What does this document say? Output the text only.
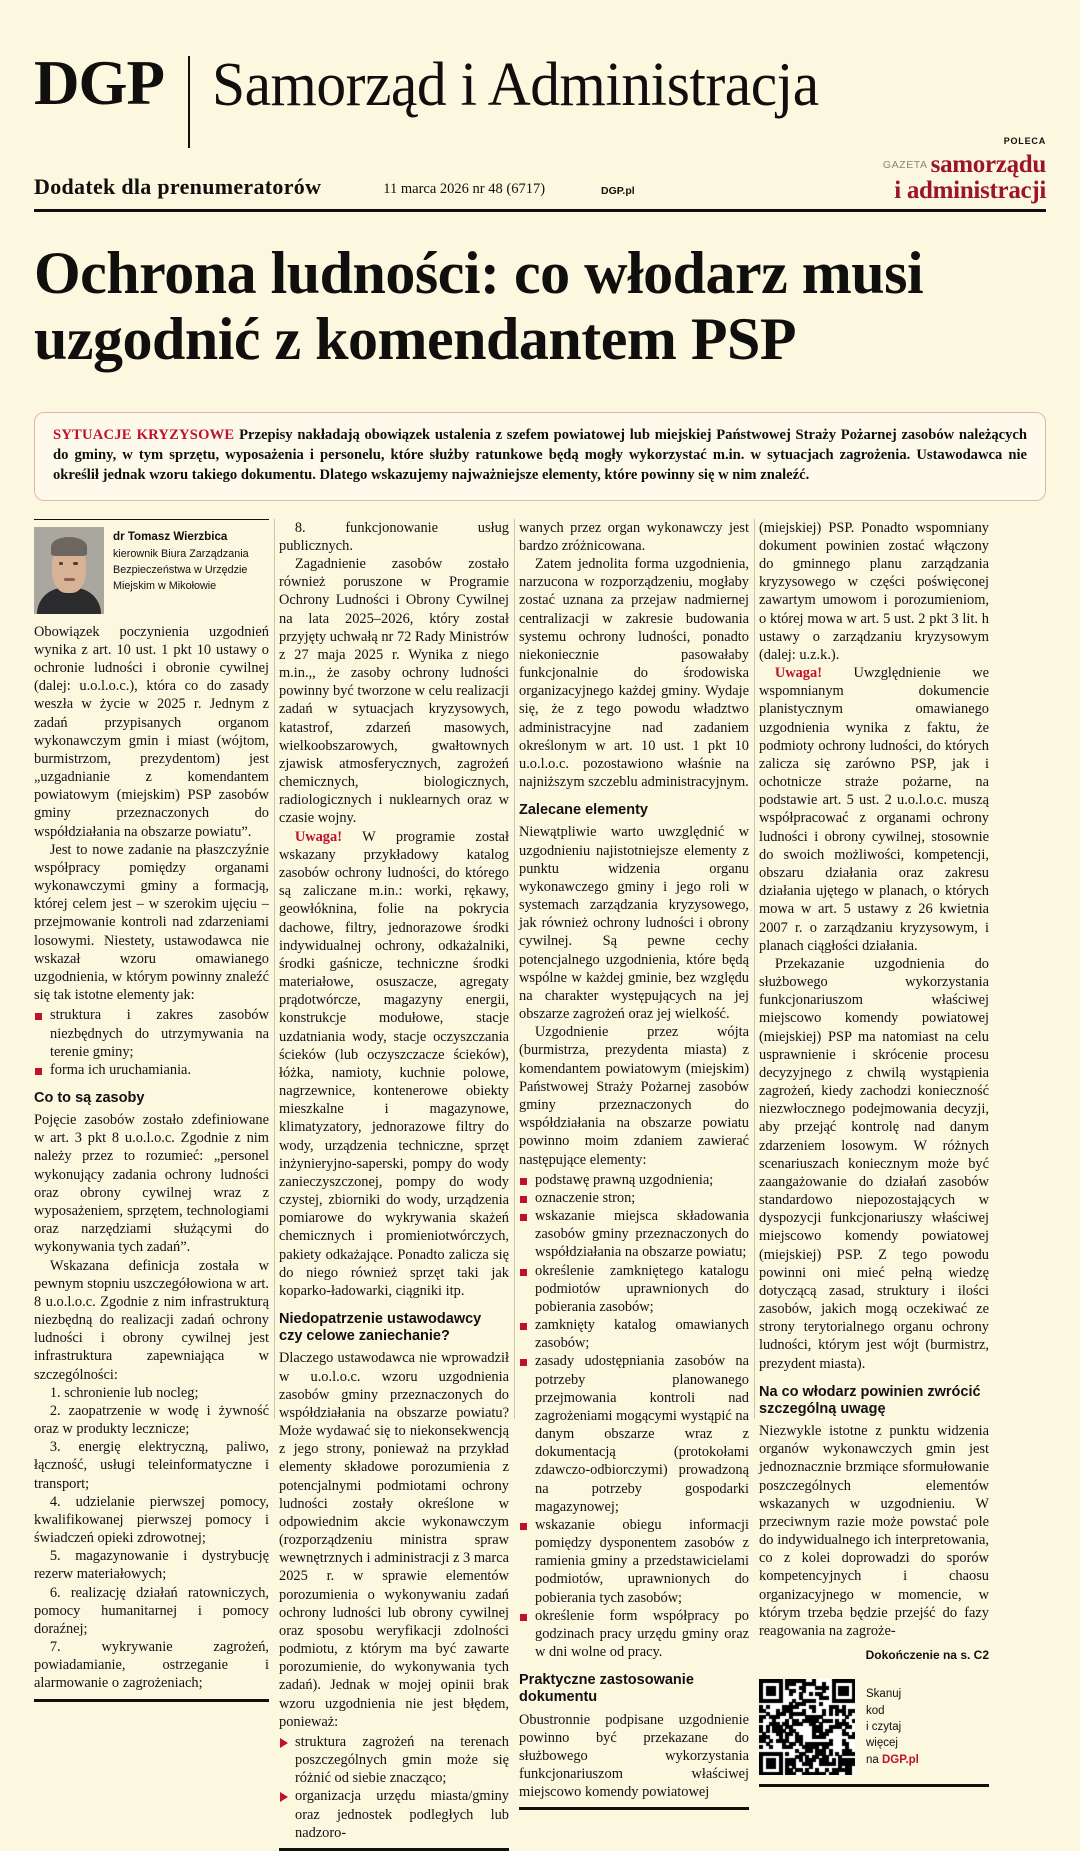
DGP Samorząd i Administracja
Dodatek dla prenumeratorów	11 marca 2026 nr 48 (6717)	DGP.pl
POLECA
$^{GAZETA}$ samorządu
i administracji
Ochrona ludności: co włodarz musi
uzgodnić z komendantem PSP
SYTUACJE KRYZYSOWE Przepisy nakładają obowiązek ustalenia z szefem powiatowej lub miejskiej Państwowej Straży Pożarnej zasobów należących do gminy, w tym sprzętu, wyposażenia i personelu, które służby ratunkowe będą mogły wykorzystać m.in. w sytuacjach zagrożenia. Ustawodawca nie określił jednak wzoru takiego dokumentu. Dlatego wskazujemy najważniejsze elementy, które powinny się w nim znaleźć.
dr Tomasz Wierzbica
kierownik Biura Zarządzania
Bezpieczeństwa w Urzędzie
Miejskim w Mikołowie

Obowiązek poczynienia uzgodnień wynika z art. 10 ust. 1 pkt 10 ustawy o ochronie ludności i obronie cywilnej (dalej: u.o.l.o.c.), która co do zasady weszła w życie w 2025 r. Jednym z zadań przypisanych organom wykonawczym gmin i miast (wójtom, burmistrzom, prezydentom) jest „uzgadnianie z komendantem powiatowym (miejskim) PSP zasobów gminy przeznaczonych do współdziałania na obszarze powiatu”.

Jest to nowe zadanie na płaszczyźnie współpracy pomiędzy organami wykonawczymi gminy a formacją, której celem jest – w szerokim ujęciu – przejmowanie kontroli nad zdarzeniami losowymi. Niestety, ustawodawca nie wskazał wzoru omawianego uzgodnienia, w którym powinny znaleźć się tak istotne elementy jak:

struktura i zakres zasobów niezbędnych do utrzymywania na terenie gminy;
forma ich uruchamiania.
Co to są zasoby

Pojęcie zasobów zostało zdefiniowane w art. 3 pkt 8 u.o.l.o.c. Zgodnie z nim należy przez to rozumieć: „personel wykonujący zadania ochrony ludności oraz obrony cywilnej wraz z wyposażeniem, sprzętem, technologiami oraz narzędziami służącymi do wykonywania tych zadań”.

Wskazana definicja została w pewnym stopniu uszczegółowiona w art. 8 u.o.l.o.c. Zgodnie z nim infrastrukturą niezbędną do realizacji zadań ochrony ludności i obrony cywilnej jest infrastruktura zapewniająca w szczególności:

1. schronienie lub nocleg;

2. zaopatrzenie w wodę i żywność oraz w produkty lecznicze;

3. energię elektryczną, paliwo, łączność, usługi teleinformatyczne i transport;

4. udzielanie pierwszej pomocy, kwalifikowanej pierwszej pomocy i świadczeń opieki zdrowotnej;

5. magazynowanie i dystrybucję rezerw materiałowych;

6. realizację działań ratowniczych, pomocy humanitarnej i pomocy doraźnej;

7. wykrywanie zagrożeń, powiadamianie, ostrzeganie i alarmowanie o zagrożeniach;

8. funkcjonowanie usług publicznych.

Zagadnienie zasobów zostało również poruszone w Programie Ochrony Ludności i Obrony Cywilnej na lata 2025–2026, który został przyjęty uchwałą nr 72 Rady Ministrów z 27 maja 2025 r. Wynika z niego m.in.,, że zasoby ochrony ludności powinny być tworzone w celu realizacji zadań w sytuacjach kryzysowych, katastrof, zdarzeń masowych, wielkoobszarowych, gwałtownych zjawisk atmosferycznych, zagrożeń chemicznych, biologicznych, radiologicznych i nuklearnych oraz w czasie wojny.

Uwaga! W programie został wskazany przykładowy katalog zasobów ochrony ludności, do którego są zaliczane m.in.: worki, rękawy, geowłóknina, folie na pokrycia dachowe, filtry, jednorazowe środki indywidualnej ochrony, odkażalniki, środki gaśnicze, techniczne środki materiałowe, osuszacze, agregaty prądotwórcze, magazyny energii, konstrukcje modułowe, stacje uzdatniania wody, stacje oczyszczania ścieków (lub oczyszczacze ścieków), łóżka, namioty, kuchnie polowe, nagrzewnice, kontenerowe obiekty mieszkalne i magazynowe, klimatyzatory, jednorazowe filtry do wody, urządzenia techniczne, sprzęt inżynieryjno-saperski, pompy do wody zanieczyszczonej, pompy do wody czystej, zbiorniki do wody, urządzenia pomiarowe do wykrywania skażeń chemicznych i promieniotwórczych, pakiety odkażające. Ponadto zalicza się do niego również sprzęt taki jak koparko-ładowarki, ciągniki itp.

Niedopatrzenie ustawodawcy
czy celowe zaniechanie?

Dlaczego ustawodawca nie wprowadził w u.o.l.o.c. wzoru uzgodnienia zasobów gminy przeznaczonych do współdziałania na obszarze powiatu? Może wydawać się to niekonsekwencją z jego strony, ponieważ na przykład elementy składowe porozumienia z potencjalnymi podmiotami ochrony ludności zostały określone w odpowiednim akcie wykonawczym (rozporządzeniu ministra spraw wewnętrznych i administracji z 3 marca 2025 r. w sprawie elementów porozumienia o wykonywaniu zadań ochrony ludności lub obrony cywilnej oraz sposobu weryfikacji zdolności podmiotu, z którym ma być zawarte porozumienie, do wykonywania tych zadań). Jednak w mojej opinii brak wzoru uzgodnienia nie jest błędem, ponieważ:

struktura zagrożeń na terenach poszczególnych gmin może się różnić od siebie znacząco;
organizacja urzędu miasta/gminy oraz jednostek podległych lub nadzoro-

wanych przez organ wykonawczy jest bardzo zróżnicowana.

Zatem jednolita forma uzgodnienia, narzucona w rozporządzeniu, mogłaby zostać uznana za przejaw nadmiernej centralizacji w zakresie budowania systemu ochrony ludności, ponadto niekoniecznie pasowałaby funkcjonalnie do środowiska organizacyjnego każdej gminy. Wydaje się, że z tego powodu władztwo administracyjne nad zadaniem określonym w art. 10 ust. 1 pkt 10 u.o.l.o.c. pozostawiono właśnie na najniższym szczeblu administracyjnym.

Zalecane elementy

Niewątpliwie warto uwzględnić w uzgodnieniu najistotniejsze elementy z punktu widzenia organu wykonawczego gminy i jego roli w systemach zarządzania kryzysowego, jak również ochrony ludności i obrony cywilnej. Są pewne cechy potencjalnego uzgodnienia, które będą wspólne w każdej gminie, bez względu na charakter występujących na jej obszarze zagrożeń oraz jej wielkość.

Uzgodnienie przez wójta (burmistrza, prezydenta miasta) z komendantem powiatowym (miejskim) Państwowej Straży Pożarnej zasobów gminy przeznaczonych do współdziałania na obszarze powiatu powinno moim zdaniem zawierać następujące elementy:

podstawę prawną uzgodnienia;
oznaczenie stron;
wskazanie miejsca składowania zasobów gminy przeznaczonych do współdziałania na obszarze powiatu;
określenie zamkniętego katalogu podmiotów uprawnionych do pobierania zasobów;
zamknięty katalog omawianych zasobów;
zasady udostępniania zasobów na potrzeby planowanego przejmowania kontroli nad zagrożeniami mogącymi wystąpić na danym obszarze wraz z dokumentacją (protokołami zdawczo-odbiorczymi) prowadzoną na potrzeby gospodarki magazynowej;
wskazanie obiegu informacji pomiędzy dysponentem zasobów z ramienia gminy a przedstawicielami podmiotów, uprawnionych do pobierania tych zasobów;
określenie form współpracy po godzinach pracy urzędu gminy oraz w dni wolne od pracy.
Praktyczne zastosowanie
dokumentu

Obustronnie podpisane uzgodnienie powinno być przekazane do służbowego wykorzystania funkcjonariuszom właściwej miejscowo komendy powiatowej

(miejskiej) PSP. Ponadto wspomniany dokument powinien zostać włączony do gminnego planu zarządzania kryzysowego w części poświęconej zawartym umowom i porozumieniom, o której mowa w art. 5 ust. 2 pkt 3 lit. h ustawy o zarządzaniu kryzysowym (dalej: u.z.k.).

Uwaga! Uwzględnienie we wspomnianym dokumencie planistycznym omawianego uzgodnienia wynika z faktu, że podmioty ochrony ludności, do których zalicza się zarówno PSP, jak i ochotnicze straże pożarne, na podstawie art. 5 ust. 2 u.o.l.o.c. muszą współpracować z organami ochrony ludności i obrony cywilnej, stosownie do swoich możliwości, kompetencji, obszaru działania oraz zakresu działania ujętego w planach, o których mowa w art. 5 ustawy z 26 kwietnia 2007 r. o zarządzaniu kryzysowym, i planach ciągłości działania.

Przekazanie uzgodnienia do służbowego wykorzystania funkcjonariuszom właściwej miejscowo komendy powiatowej (miejskiej) PSP ma natomiast na celu usprawnienie i skrócenie procesu decyzyjnego z chwilą wystąpienia zagrożeń, kiedy zachodzi konieczność niezwłocznego podejmowania decyzji, aby przejąć kontrolę nad danym zdarzeniem losowym. W różnych scenariuszach koniecznym może być zaangażowanie do działań zasobów standardowo niepozostających w dyspozycji funkcjonariuszy właściwej miejscowo komendy powiatowej (miejskiej) PSP. Z tego powodu powinni oni mieć pełną wiedzę dotyczącą zasad, struktury i ilości zasobów, jakich mogą oczekiwać ze strony terytorialnego organu ochrony ludności, którym jest wójt (burmistrz, prezydent miasta).

Na co włodarz powinien zwrócić
szczególną uwagę

Niezwykle istotne z punktu widzenia organów wykonawczych gmin jest jednoznacznie brzmiące sformułowanie poszczególnych elementów wskazanych w uzgodnieniu. W przeciwnym razie może powstać pole do indywidualnego ich interpretowania, co z kolei doprowadzi do sporów kompetencyjnych i chaosu organizacyjnego w momencie, w którym trzeba będzie przejść do fazy reagowania na zagroże-

Dokończenie na s. C2
Skanuj
kod
i czytaj
więcej
na DGP.pl
